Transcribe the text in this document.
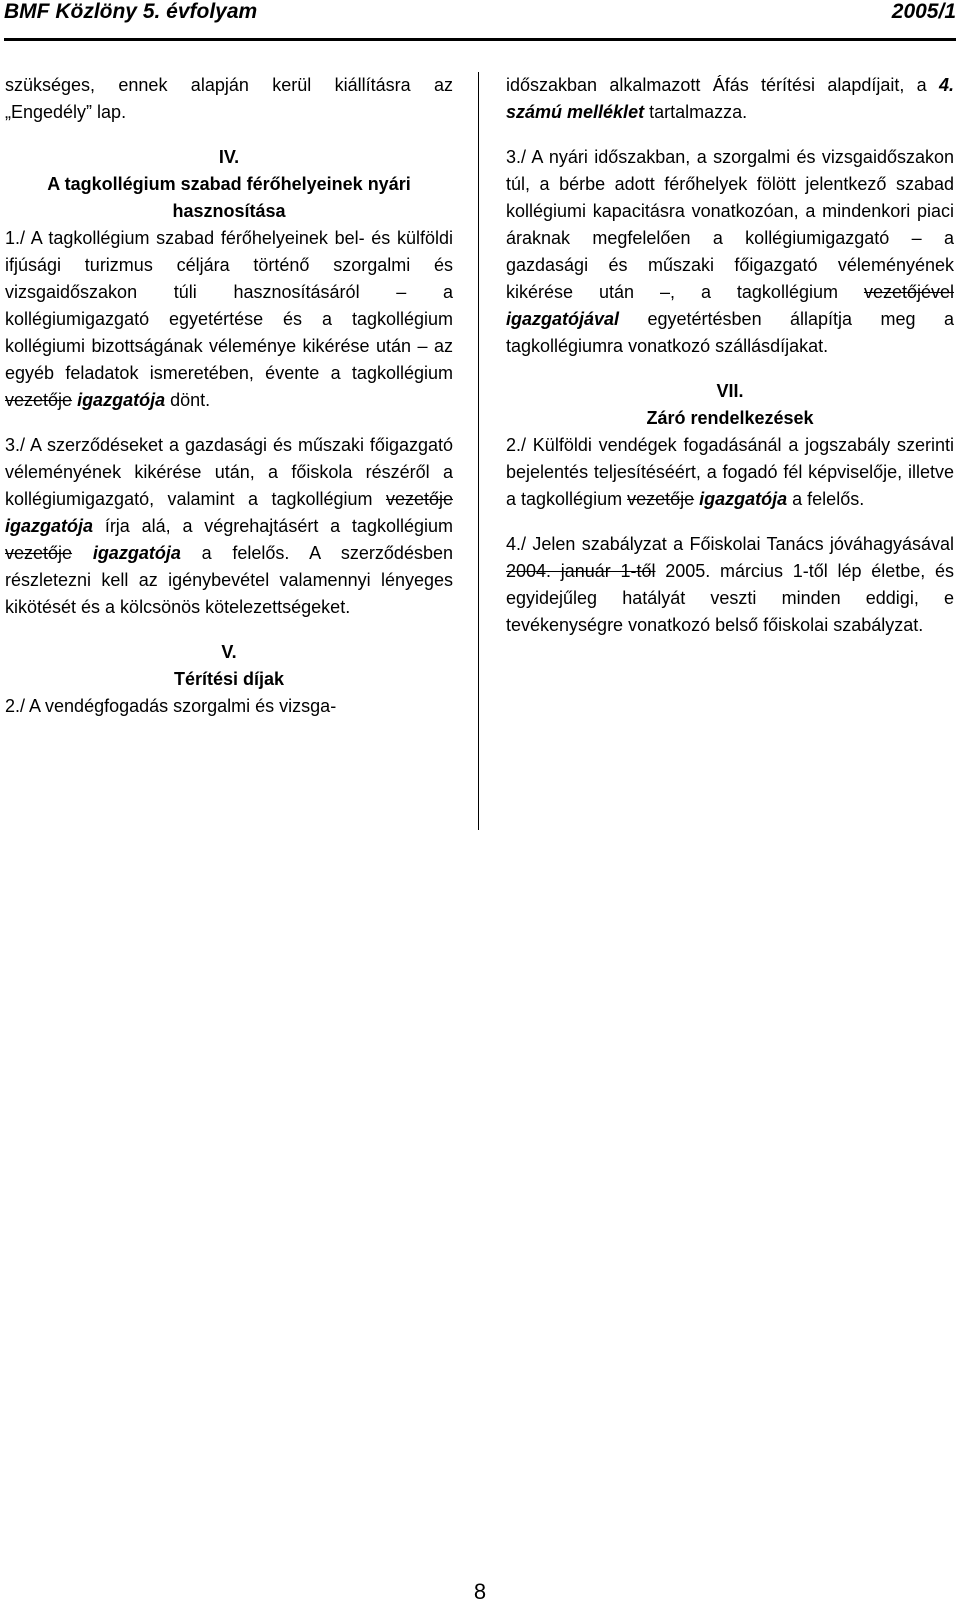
BMF Közlöny 5. évfolyam	2005/1

szükséges, ennek alapján kerül kiállításra az „Engedély” lap.

IV.

A tagkollégium szabad férőhelyeinek nyári hasznosítása

1./ A tagkollégium szabad férőhelyeinek bel- és külföldi ifjúsági turizmus céljára történő szorgalmi és vizsgaidőszakon túli hasznosításáról – a kollégiumigazgató egyetértése és a tagkollégium kollégiumi bizottságának véleménye kikérése után – az egyéb feladatok ismeretében, évente a tagkollégium vezetője igazgatója dönt.

3./ A szerződéseket a gazdasági és műszaki főigazgató véleményének kikérése után, a főiskola részéről a kollégiumigazgató, valamint a tagkollégium vezetője igazgatója írja alá, a végrehajtásért a tagkollégium vezetője igazgatója a felelős. A szerződésben részletezni kell az igénybevétel valamennyi lényeges kikötését és a kölcsönös kötelezettségeket.

V.

Térítési díjak

2./ A vendégfogadás szorgalmi és vizsga-

időszakban alkalmazott Áfás térítési alapdíjait, a 4. számú melléklet tartalmazza.

3./ A nyári időszakban, a szorgalmi és vizsgaidőszakon túl, a bérbe adott férőhelyek fölött jelentkező szabad kollégiumi kapacitásra vonatkozóan, a mindenkori piaci áraknak megfelelően a kollégiumigazgató – a gazdasági és műszaki főigazgató véleményének kikérése után –, a tagkollégium vezetőjével igazgatójával egyetértésben állapítja meg a tagkollégiumra vonatkozó szállásdíjakat.

VII.

Záró rendelkezések

2./ Külföldi vendégek fogadásánál a jogszabály szerinti bejelentés teljesítéséért, a fogadó fél képviselője, illetve a tagkollégium vezetője igazgatója a felelős.

4./ Jelen szabályzat a Főiskolai Tanács jóváhagyásával 2004. január 1-től 2005. március 1-től lép életbe, és egyidejűleg hatályát veszti minden eddigi, e tevékenységre vonatkozó belső főiskolai szabályzat.

8
